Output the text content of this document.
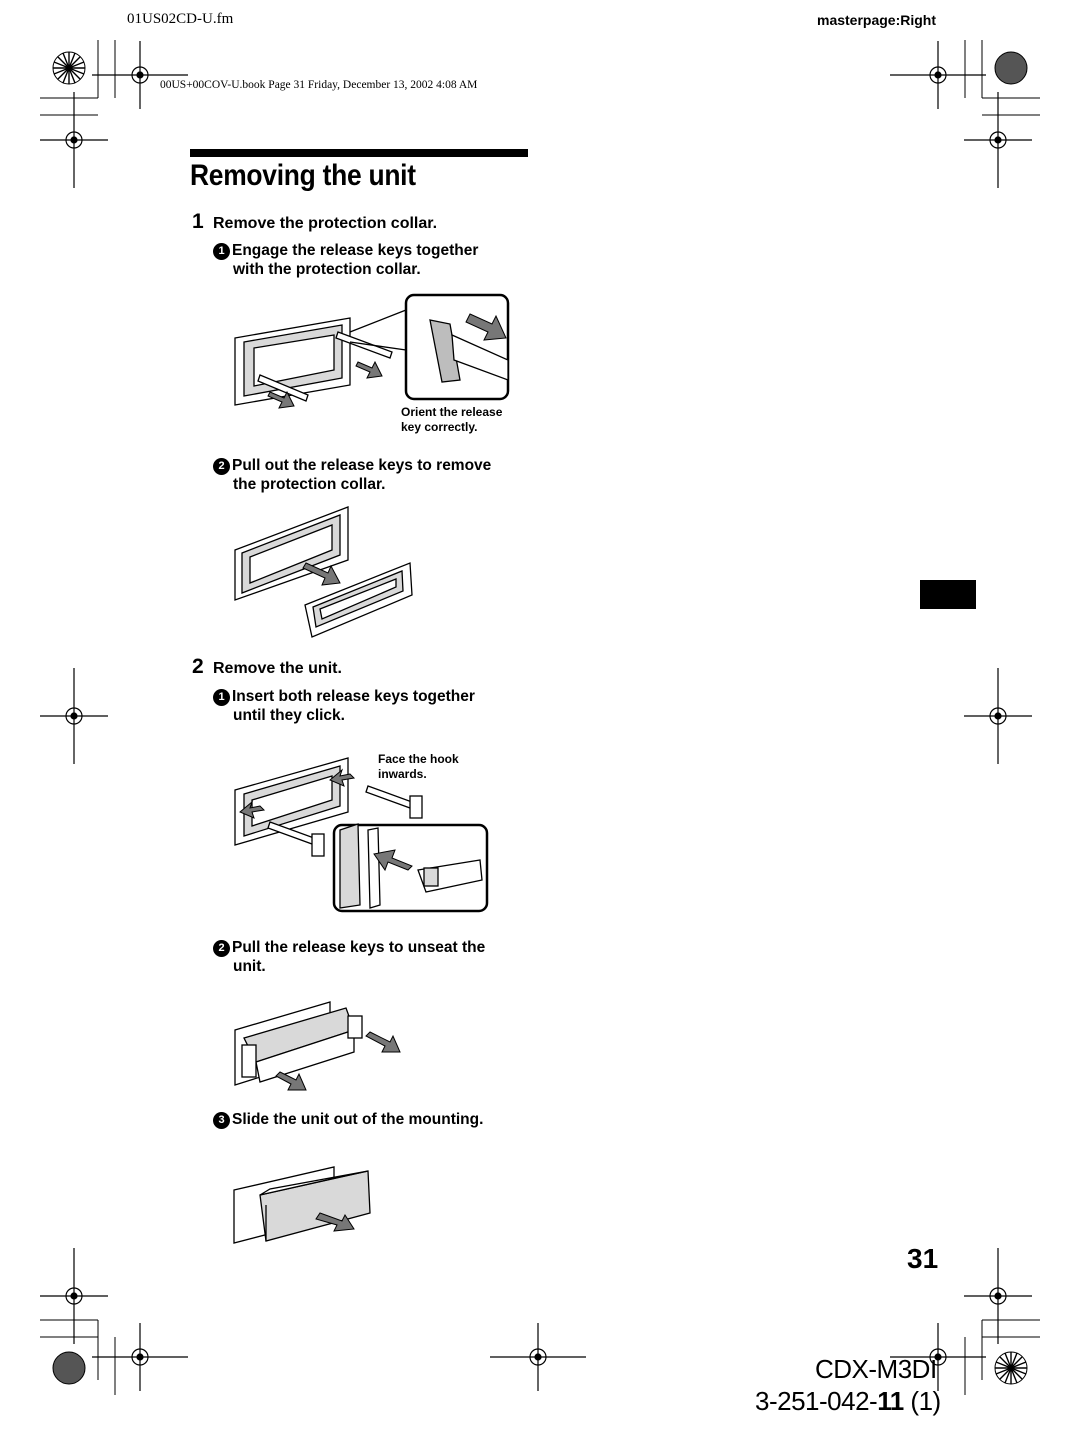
01US02CD-U.fm	masterpage:Right
00US+00COV-U.book Page 31 Friday, December 13, 2002 4:08 AM
Removing the unit
1 Remove the protection collar.
1 Engage the release keys together
with the protection collar.
Orient the release
key correctly.
2 Pull out the release keys to remove
the protection collar.
2 Remove the unit.
1 Insert both release keys together
until they click.
Face the hook
inwards.
2 Pull the release keys to unseat the
unit.
3 Slide the unit out of the mounting.
31
CDX-M3DI
3-251-042-11 (1)
